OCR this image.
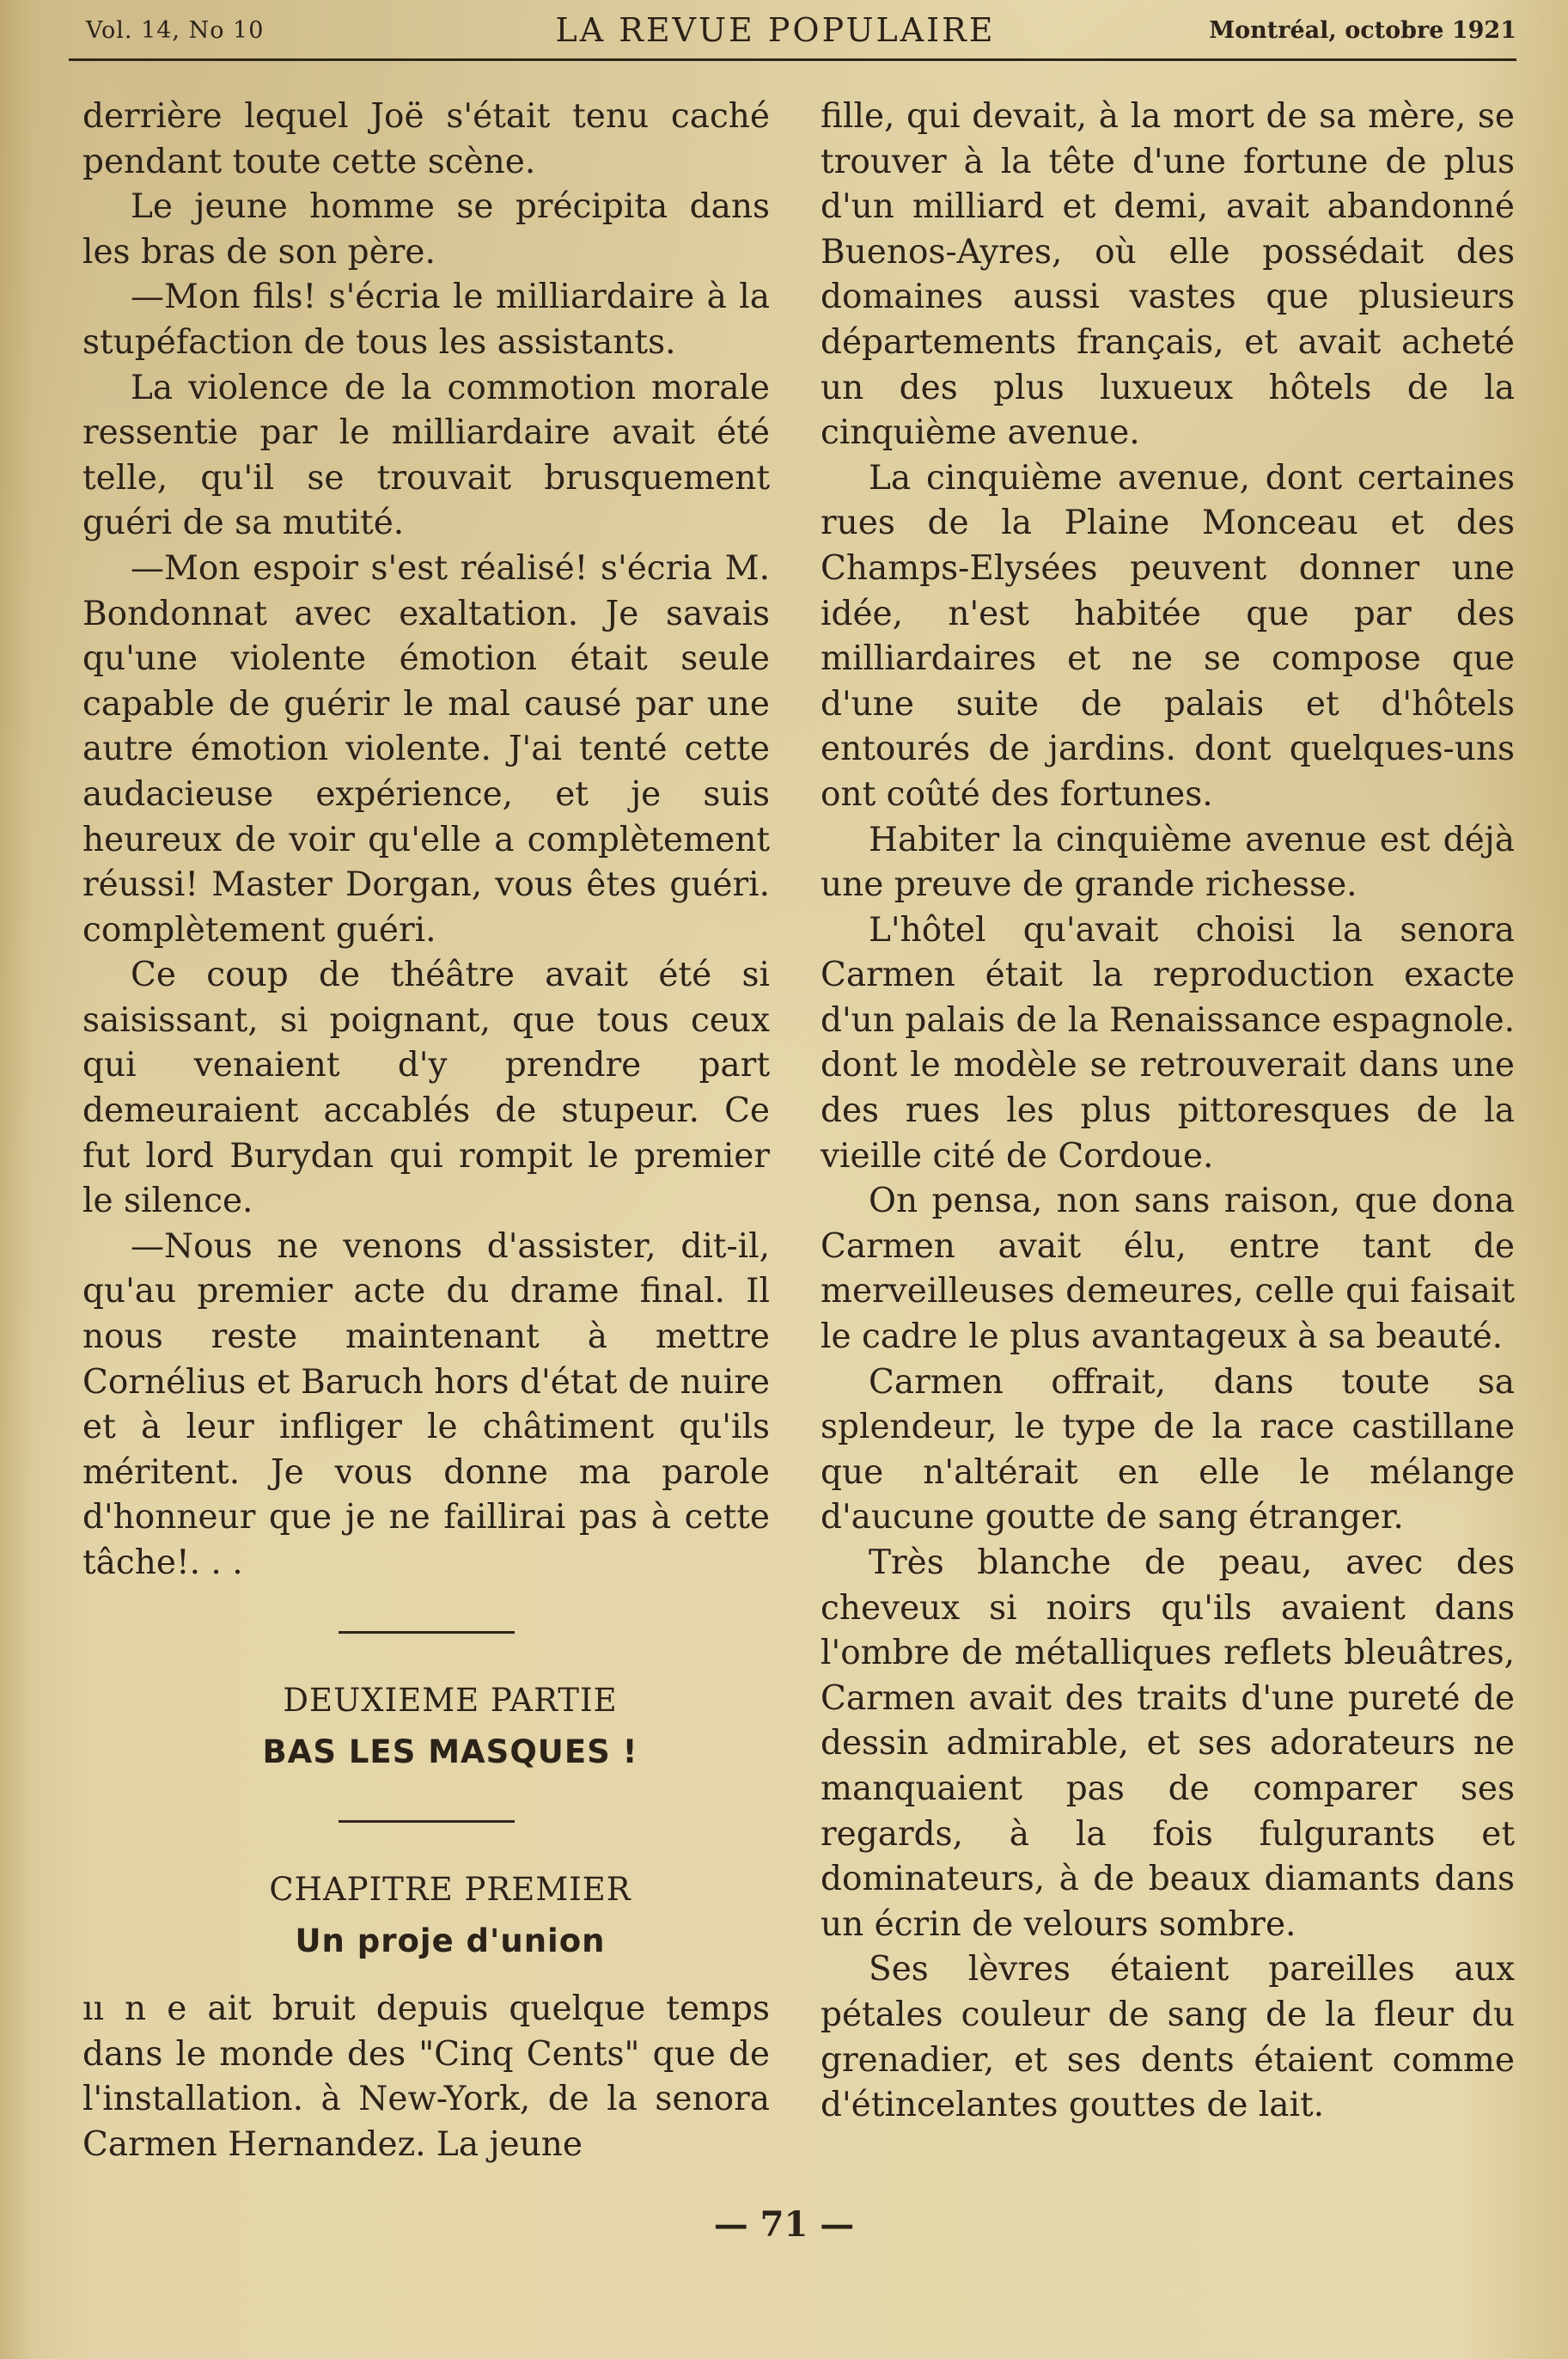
Vol. 14, No 10	LA REVUE POPULAIRE	Montréal, octobre 1921

derrière lequel Joë s'était tenu caché pendant toute cette scène.

Le jeune homme se précipita dans les bras de son père.

—Mon fils! s'écria le milliardaire à la stupéfaction de tous les assistants.

La violence de la commotion morale ressentie par le milliardaire avait été telle, qu'il se trouvait brusquement guéri de sa mutité.

—Mon espoir s'est réalisé! s'écria M. Bondonnat avec exaltation. Je savais qu'une violente émotion était seule capable de guérir le mal causé par une autre émotion violente. J'ai tenté cette audacieuse expérience, et je suis heureux de voir qu'elle a complètement réussi! Master Dorgan, vous êtes guéri. complètement guéri.

Ce coup de théâtre avait été si saisissant, si poignant, que tous ceux qui venaient d'y prendre part demeuraient accablés de stupeur. Ce fut lord Burydan qui rompit le premier le silence.

—Nous ne venons d'assister, dit-il, qu'au premier acte du drame final. Il nous reste maintenant à mettre Cornélius et Baruch hors d'état de nuire et à leur infliger le châtiment qu'ils méritent. Je vous donne ma parole d'honneur que je ne faillirai pas à cette tâche!. . .

DEUXIEME PARTIE

BAS LES MASQUES !

CHAPITRE PREMIER

Un proje d'union

ıı n e ait bruit depuis quelque temps dans le monde des "Cinq Cents" que de l'installation. à New-York, de la senora Carmen Hernandez. La jeune

fille, qui devait, à la mort de sa mère, se trouver à la tête d'une fortune de plus d'un milliard et demi, avait abandonné Buenos-Ayres, où elle possédait des domaines aussi vastes que plusieurs départements français, et avait acheté un des plus luxueux hôtels de la cinquième avenue.

La cinquième avenue, dont certaines rues de la Plaine Monceau et des Champs-Elysées peuvent donner une idée, n'est habitée que par des milliardaires et ne se compose que d'une suite de palais et d'hôtels entourés de jardins. dont quelques-uns ont coûté des fortunes.

Habiter la cinquième avenue est déjà une preuve de grande richesse.

L'hôtel qu'avait choisi la senora Carmen était la reproduction exacte d'un palais de la Renaissance espagnole. dont le modèle se retrouverait dans une des rues les plus pittoresques de la vieille cité de Cordoue.

On pensa, non sans raison, que dona Carmen avait élu, entre tant de merveilleuses demeures, celle qui faisait le cadre le plus avantageux à sa beauté.

Carmen offrait, dans toute sa splendeur, le type de la race castillane que n'altérait en elle le mélange d'aucune goutte de sang étranger.

Très blanche de peau, avec des cheveux si noirs qu'ils avaient dans l'ombre de métalliques reflets bleuâtres, Carmen avait des traits d'une pureté de dessin admirable, et ses adorateurs ne manquaient pas de comparer ses regards, à la fois fulgurants et dominateurs, à de beaux diamants dans un écrin de velours sombre.

Ses lèvres étaient pareilles aux pétales couleur de sang de la fleur du grenadier, et ses dents étaient comme d'étincelantes gouttes de lait.

— 71 —
